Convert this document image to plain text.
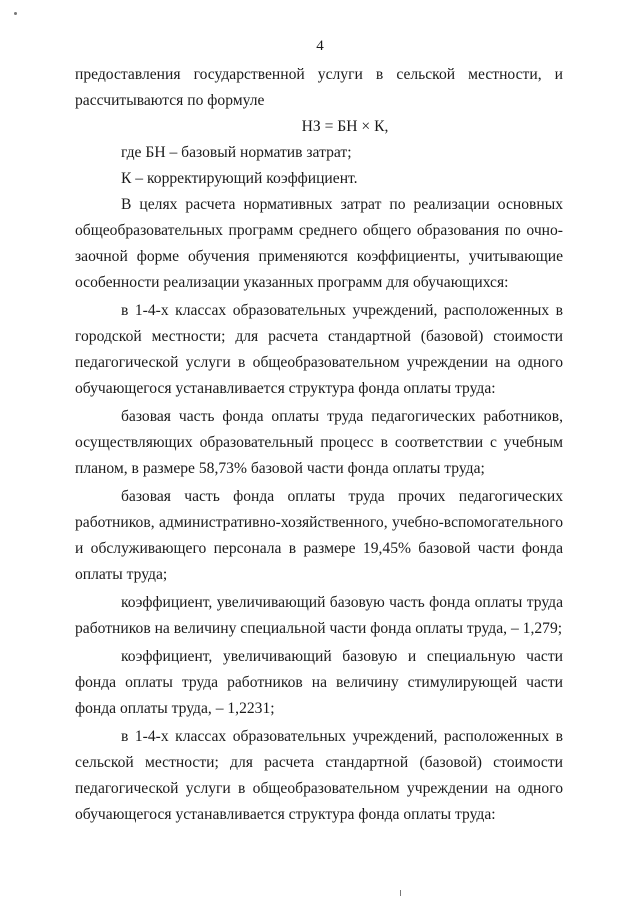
4

предоставления государственной услуги в сельской местности, и рассчитываются по формуле

НЗ = БН × К,

где БН – базовый норматив затрат;

К – корректирующий коэффициент.

В целях расчета нормативных затрат по реализации основных общеобразовательных программ среднего общего образования по очно-заочной форме обучения применяются коэффициенты, учитывающие особенности реализации указанных программ для обучающихся:

в 1-4-х классах образовательных учреждений, расположенных в городской местности; для расчета стандартной (базовой) стоимости педагогической услуги в общеобразовательном учреждении на одного обучающегося устанавливается структура фонда оплаты труда:

базовая часть фонда оплаты труда педагогических работников, осуществляющих образовательный процесс в соответствии с учебным планом, в размере 58,73% базовой части фонда оплаты труда;

базовая часть фонда оплаты труда прочих педагогических работников, административно-хозяйственного, учебно-вспомогательного и обслуживающего персонала в размере 19,45% базовой части фонда оплаты труда;

коэффициент, увеличивающий базовую часть фонда оплаты труда работников на величину специальной части фонда оплаты труда, – 1,279;

коэффициент, увеличивающий базовую и специальную части фонда оплаты труда работников на величину стимулирующей части фонда оплаты труда, – 1,2231;

в 1-4-х классах образовательных учреждений, расположенных в сельской местности; для расчета стандартной (базовой) стоимости педагогической услуги в общеобразовательном учреждении на одного обучающегося устанавливается структура фонда оплаты труда:
